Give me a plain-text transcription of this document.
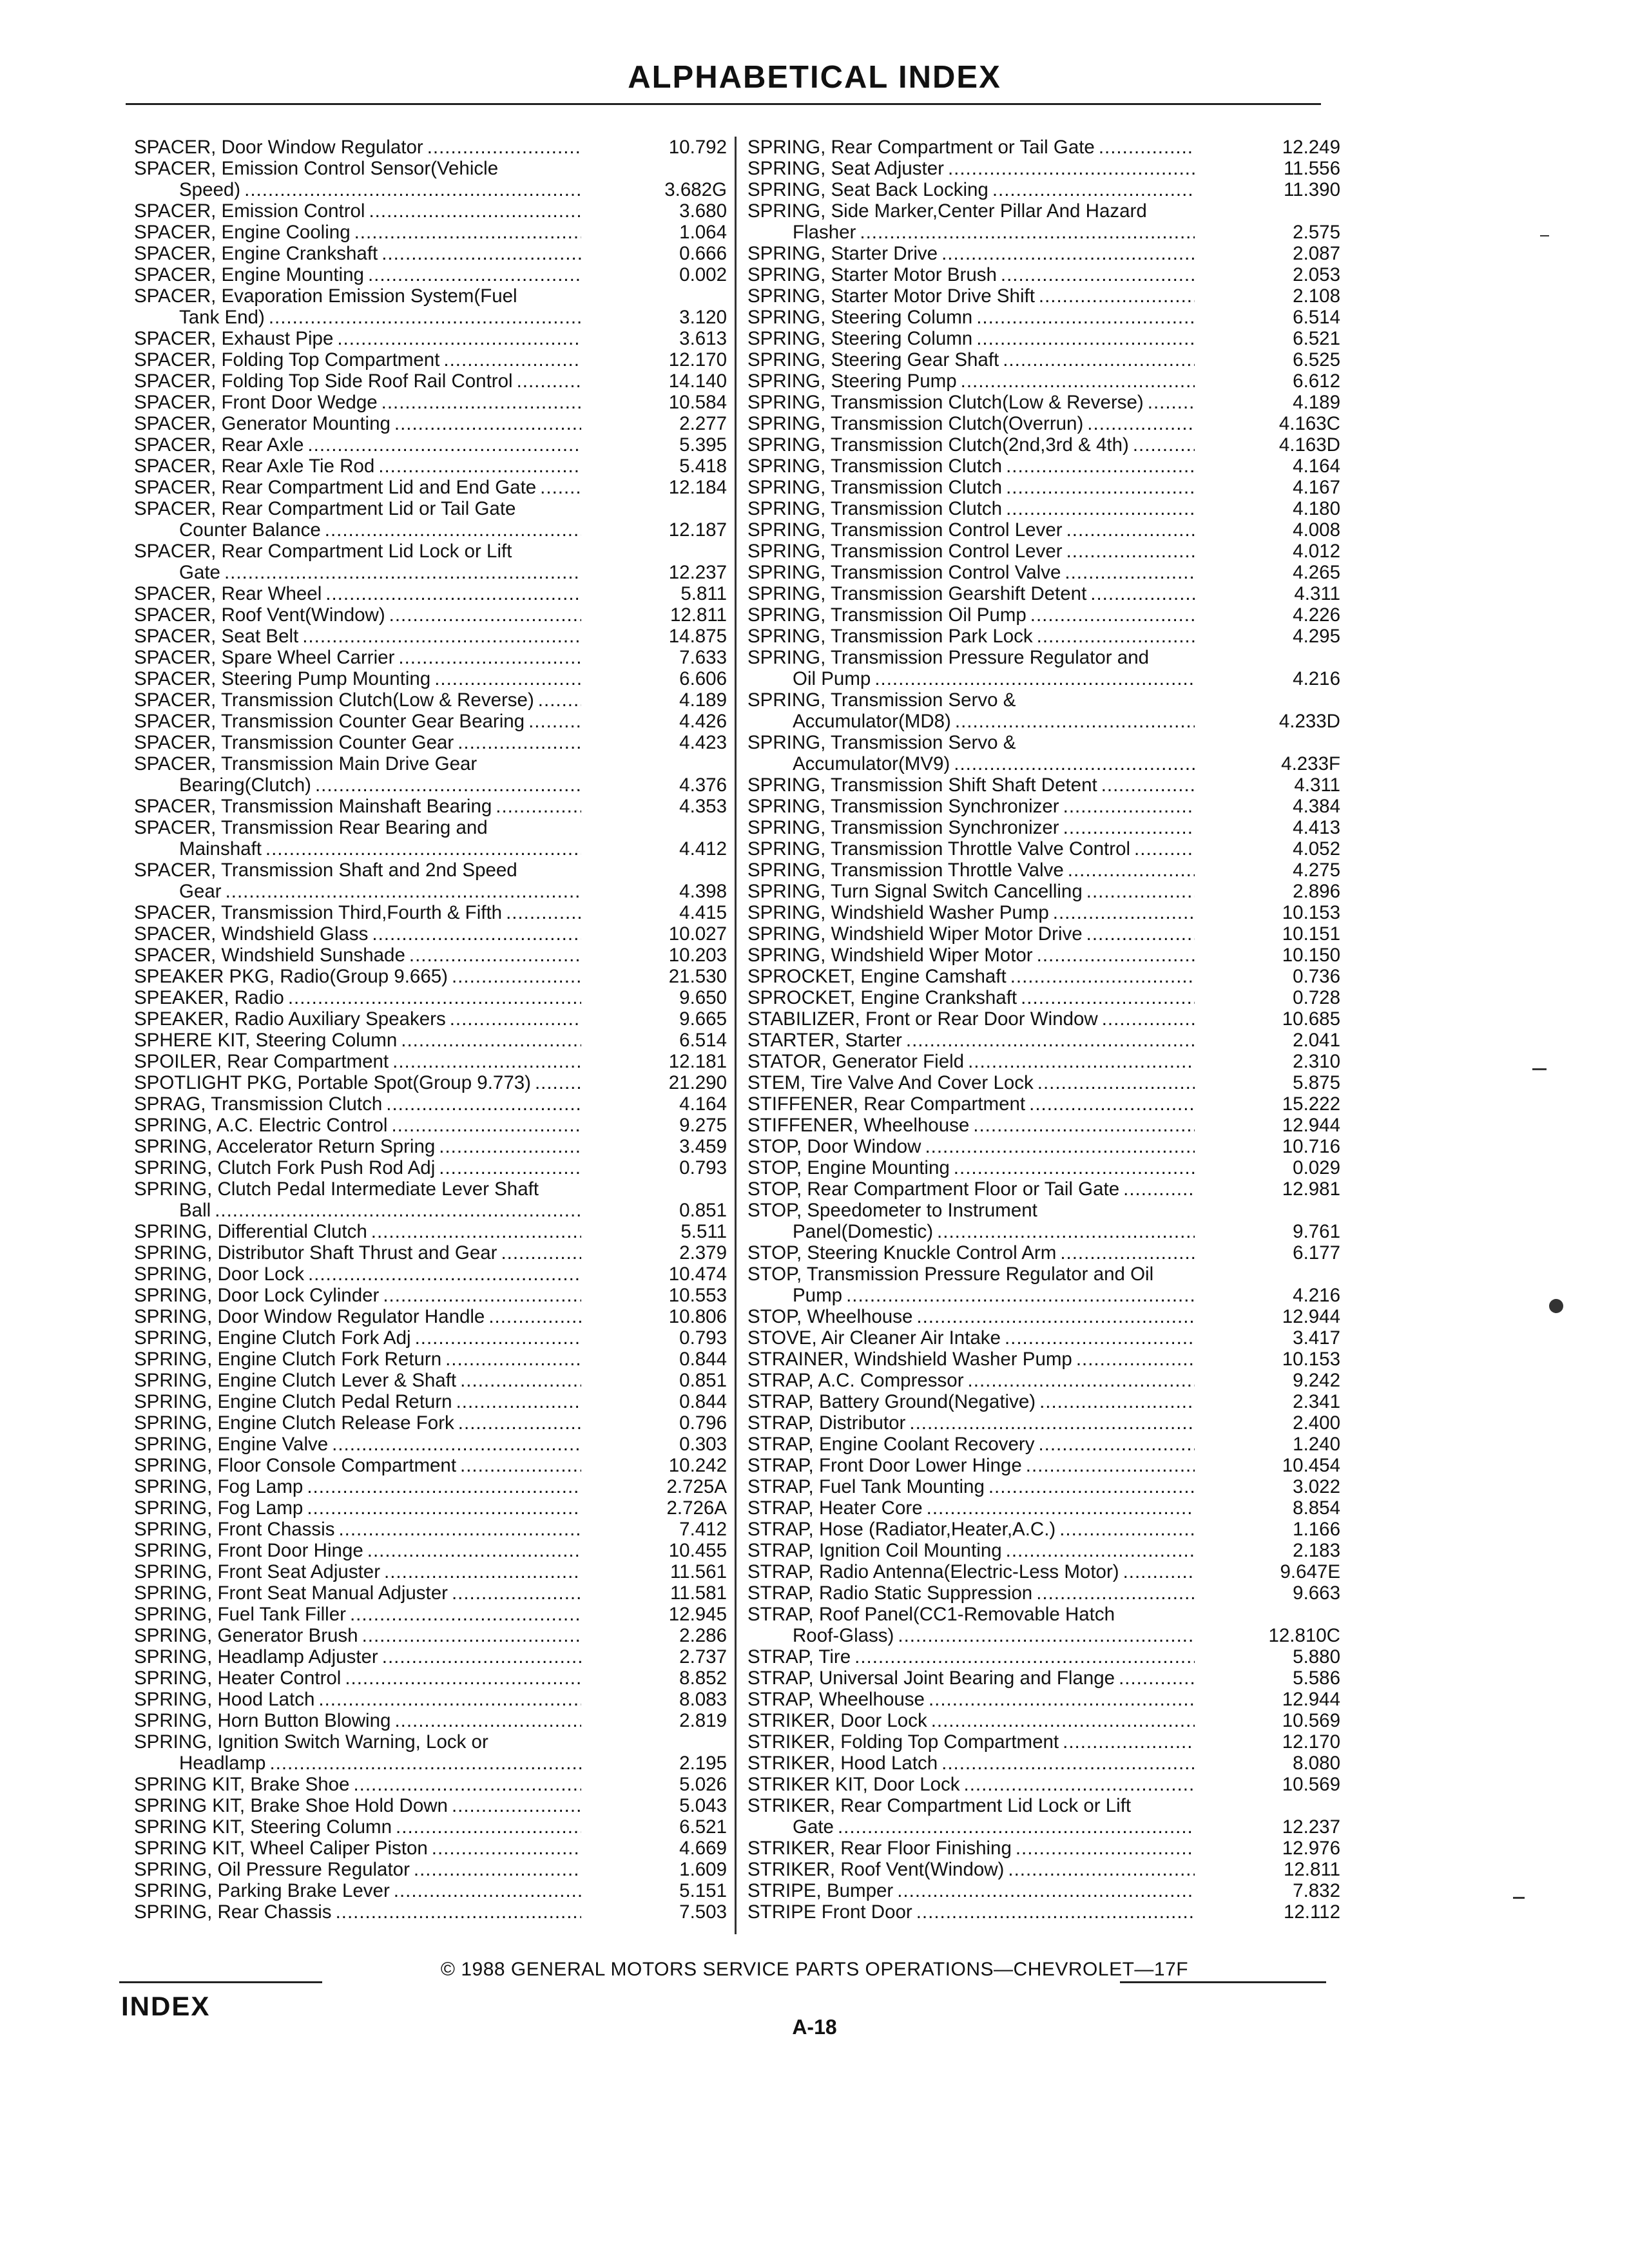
ALPHABETICAL INDEX
SPACER, Door Window Regulator .....	10.792
SPACER, Emission Control Sensor(Vehicle
Speed) .....	3.682G
SPACER, Emission Control .....	3.680
SPACER, Engine Cooling .....	1.064
SPACER, Engine Crankshaft .....	0.666
SPACER, Engine Mounting .....	0.002
SPACER, Evaporation Emission System(Fuel
Tank End) .....	3.120
SPACER, Exhaust Pipe .....	3.613
SPACER, Folding Top Compartment .....	12.170
SPACER, Folding Top Side Roof Rail Control .....	14.140
SPACER, Front Door Wedge .....	10.584
SPACER, Generator Mounting .....	2.277
SPACER, Rear Axle .....	5.395
SPACER, Rear Axle Tie Rod .....	5.418
SPACER, Rear Compartment Lid and End Gate .....	12.184
SPACER, Rear Compartment Lid or Tail Gate
Counter Balance .....	12.187
SPACER, Rear Compartment Lid Lock or Lift
Gate .....	12.237
SPACER, Rear Wheel .....	5.811
SPACER, Roof Vent(Window) .....	12.811
SPACER, Seat Belt .....	14.875
SPACER, Spare Wheel Carrier .....	7.633
SPACER, Steering Pump Mounting .....	6.606
SPACER, Transmission Clutch(Low & Reverse) .....	4.189
SPACER, Transmission Counter Gear Bearing .....	4.426
SPACER, Transmission Counter Gear .....	4.423
SPACER, Transmission Main Drive Gear
Bearing(Clutch) .....	4.376
SPACER, Transmission Mainshaft Bearing .....	4.353
SPACER, Transmission Rear Bearing and
Mainshaft .....	4.412
SPACER, Transmission Shaft and 2nd Speed
Gear .....	4.398
SPACER, Transmission Third,Fourth & Fifth .....	4.415
SPACER, Windshield Glass .....	10.027
SPACER, Windshield Sunshade .....	10.203
SPEAKER PKG, Radio(Group 9.665) .....	21.530
SPEAKER, Radio .....	9.650
SPEAKER, Radio Auxiliary Speakers .....	9.665
SPHERE KIT, Steering Column .....	6.514
SPOILER, Rear Compartment .....	12.181
SPOTLIGHT PKG, Portable Spot(Group 9.773) .....	21.290
SPRAG, Transmission Clutch .....	4.164
SPRING, A.C. Electric Control .....	9.275
SPRING, Accelerator Return Spring .....	3.459
SPRING, Clutch Fork Push Rod Adj .....	0.793
SPRING, Clutch Pedal Intermediate Lever Shaft
Ball .....	0.851
SPRING, Differential Clutch .....	5.511
SPRING, Distributor Shaft Thrust and Gear .....	2.379
SPRING, Door Lock .....	10.474
SPRING, Door Lock Cylinder .....	10.553
SPRING, Door Window Regulator Handle .....	10.806
SPRING, Engine Clutch Fork Adj .....	0.793
SPRING, Engine Clutch Fork Return .....	0.844
SPRING, Engine Clutch Lever & Shaft .....	0.851
SPRING, Engine Clutch Pedal Return .....	0.844
SPRING, Engine Clutch Release Fork .....	0.796
SPRING, Engine Valve .....	0.303
SPRING, Floor Console Compartment .....	10.242
SPRING, Fog Lamp .....	2.725A
SPRING, Fog Lamp .....	2.726A
SPRING, Front Chassis .....	7.412
SPRING, Front Door Hinge .....	10.455
SPRING, Front Seat Adjuster .....	11.561
SPRING, Front Seat Manual Adjuster .....	11.581
SPRING, Fuel Tank Filler .....	12.945
SPRING, Generator Brush .....	2.286
SPRING, Headlamp Adjuster .....	2.737
SPRING, Heater Control .....	8.852
SPRING, Hood Latch .....	8.083
SPRING, Horn Button Blowing .....	2.819
SPRING, Ignition Switch Warning, Lock or
Headlamp .....	2.195
SPRING KIT, Brake Shoe .....	5.026
SPRING KIT, Brake Shoe Hold Down .....	5.043
SPRING KIT, Steering Column .....	6.521
SPRING KIT, Wheel Caliper Piston .....	4.669
SPRING, Oil Pressure Regulator .....	1.609
SPRING, Parking Brake Lever .....	5.151
SPRING, Rear Chassis .....	7.503
SPRING, Rear Compartment or Tail Gate .....	12.249
SPRING, Seat Adjuster .....	11.556
SPRING, Seat Back Locking .....	11.390
SPRING, Side Marker,Center Pillar And Hazard
Flasher .....	2.575
SPRING, Starter Drive .....	2.087
SPRING, Starter Motor Brush .....	2.053
SPRING, Starter Motor Drive Shift .....	2.108
SPRING, Steering Column .....	6.514
SPRING, Steering Column .....	6.521
SPRING, Steering Gear Shaft .....	6.525
SPRING, Steering Pump .....	6.612
SPRING, Transmission Clutch(Low & Reverse) .....	4.189
SPRING, Transmission Clutch(Overrun) .....	4.163C
SPRING, Transmission Clutch(2nd,3rd & 4th) .....	4.163D
SPRING, Transmission Clutch .....	4.164
SPRING, Transmission Clutch .....	4.167
SPRING, Transmission Clutch .....	4.180
SPRING, Transmission Control Lever .....	4.008
SPRING, Transmission Control Lever .....	4.012
SPRING, Transmission Control Valve .....	4.265
SPRING, Transmission Gearshift Detent .....	4.311
SPRING, Transmission Oil Pump .....	4.226
SPRING, Transmission Park Lock .....	4.295
SPRING, Transmission Pressure Regulator and
Oil Pump .....	4.216
SPRING, Transmission Servo &
Accumulator(MD8) .....	4.233D
SPRING, Transmission Servo &
Accumulator(MV9) .....	4.233F
SPRING, Transmission Shift Shaft Detent .....	4.311
SPRING, Transmission Synchronizer .....	4.384
SPRING, Transmission Synchronizer .....	4.413
SPRING, Transmission Throttle Valve Control .....	4.052
SPRING, Transmission Throttle Valve .....	4.275
SPRING, Turn Signal Switch Cancelling .....	2.896
SPRING, Windshield Washer Pump .....	10.153
SPRING, Windshield Wiper Motor Drive .....	10.151
SPRING, Windshield Wiper Motor .....	10.150
SPROCKET, Engine Camshaft .....	0.736
SPROCKET, Engine Crankshaft .....	0.728
STABILIZER, Front or Rear Door Window .....	10.685
STARTER, Starter .....	2.041
STATOR, Generator Field .....	2.310
STEM, Tire Valve And Cover Lock .....	5.875
STIFFENER, Rear Compartment .....	15.222
STIFFENER, Wheelhouse .....	12.944
STOP, Door Window .....	10.716
STOP, Engine Mounting .....	0.029
STOP, Rear Compartment Floor or Tail Gate .....	12.981
STOP, Speedometer to Instrument
Panel(Domestic) .....	9.761
STOP, Steering Knuckle Control Arm .....	6.177
STOP, Transmission Pressure Regulator and Oil
Pump .....	4.216
STOP, Wheelhouse .....	12.944
STOVE, Air Cleaner Air Intake .....	3.417
STRAINER, Windshield Washer Pump .....	10.153
STRAP, A.C. Compressor .....	9.242
STRAP, Battery Ground(Negative) .....	2.341
STRAP, Distributor .....	2.400
STRAP, Engine Coolant Recovery .....	1.240
STRAP, Front Door Lower Hinge .....	10.454
STRAP, Fuel Tank Mounting .....	3.022
STRAP, Heater Core .....	8.854
STRAP, Hose (Radiator,Heater,A.C.) .....	1.166
STRAP, Ignition Coil Mounting .....	2.183
STRAP, Radio Antenna(Electric-Less Motor) .....	9.647E
STRAP, Radio Static Suppression .....	9.663
STRAP, Roof Panel(CC1-Removable Hatch
Roof-Glass) .....	12.810C
STRAP, Tire .....	5.880
STRAP, Universal Joint Bearing and Flange .....	5.586
STRAP, Wheelhouse .....	12.944
STRIKER, Door Lock .....	10.569
STRIKER, Folding Top Compartment .....	12.170
STRIKER, Hood Latch .....	8.080
STRIKER KIT, Door Lock .....	10.569
STRIKER, Rear Compartment Lid Lock or Lift
Gate .....	12.237
STRIKER, Rear Floor Finishing .....	12.976
STRIKER, Roof Vent(Window) .....	12.811
STRIPE, Bumper .....	7.832
STRIPE Front Door .....	12.112
© 1988 GENERAL MOTORS SERVICE PARTS OPERATIONS—CHEVROLET—17F
INDEX
A-18
